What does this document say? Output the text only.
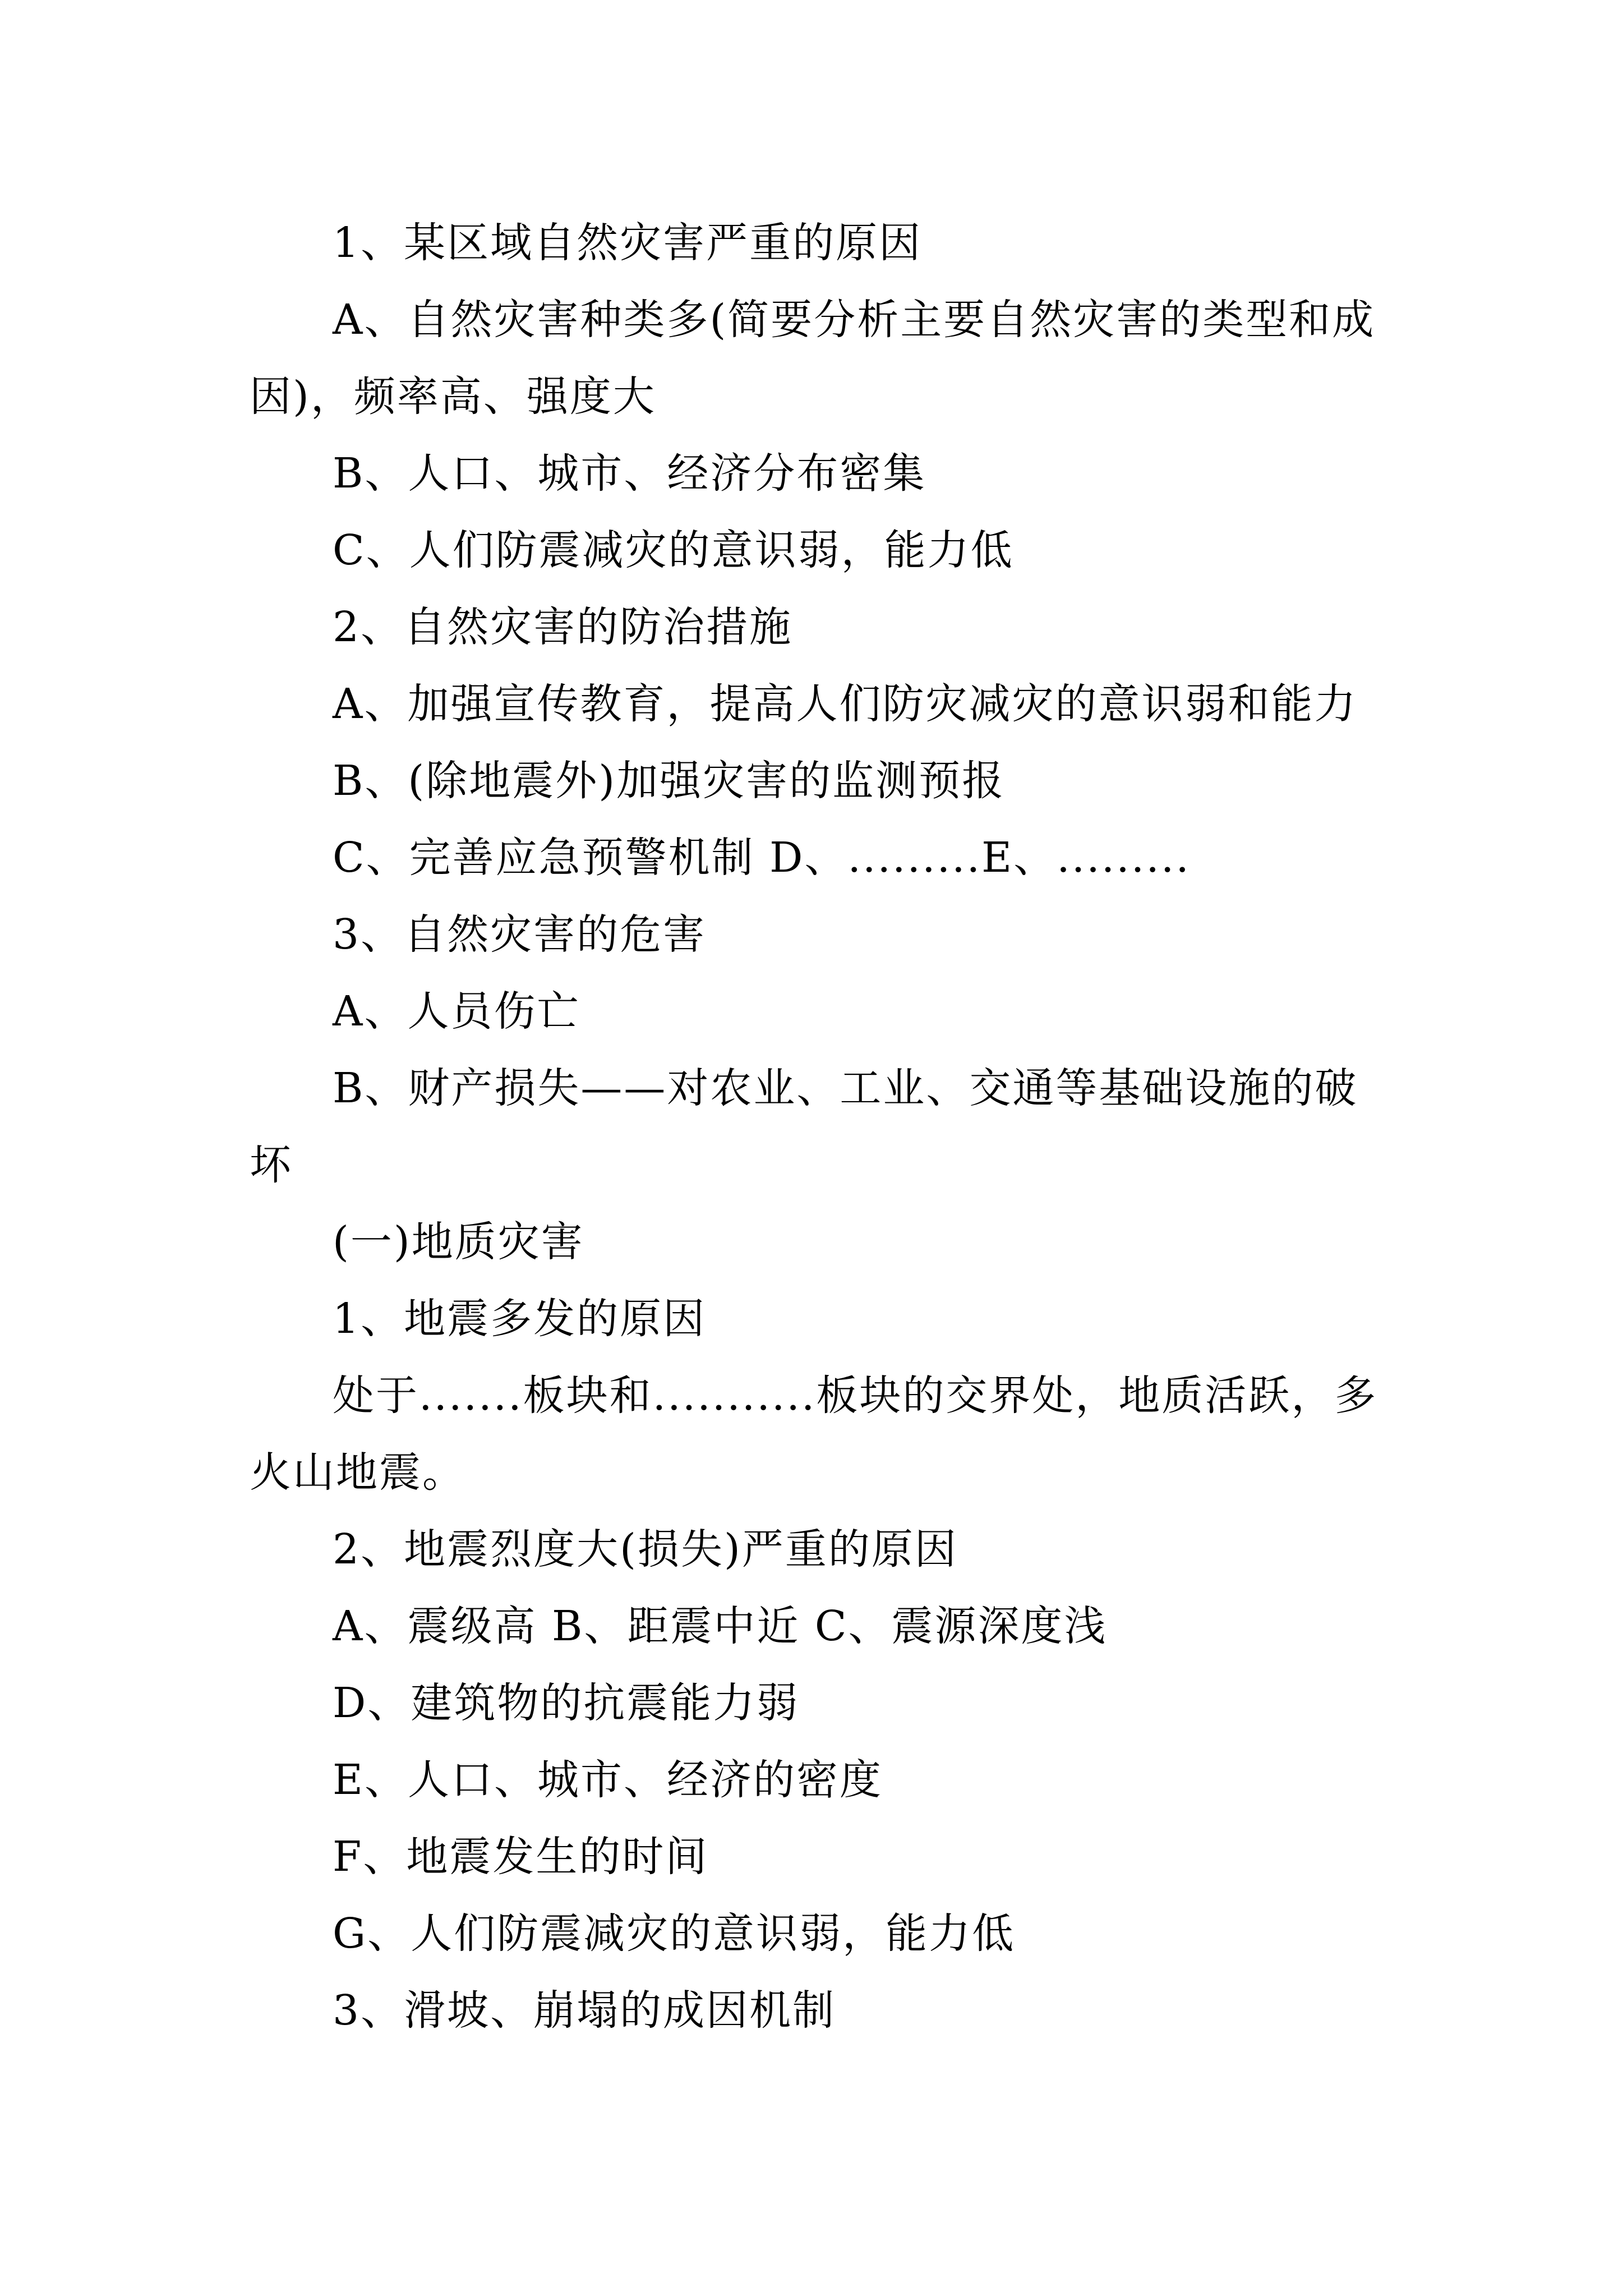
1、某区域自然灾害严重的原因

A、自然灾害种类多(简要分析主要自然灾害的类型和成因)，频率高、强度大

B、人口、城市、经济分布密集

C、人们防震减灾的意识弱，能力低

2、自然灾害的防治措施

A、加强宣传教育，提高人们防灾减灾的意识弱和能力

B、(除地震外)加强灾害的监测预报

C、完善应急预警机制 D、.........E、.........

3、自然灾害的危害

A、人员伤亡

B、财产损失——对农业、工业、交通等基础设施的破坏

(一)地质灾害

1、地震多发的原因

处于.......板块和...........板块的交界处，地质活跃，多火山地震。

2、地震烈度大(损失)严重的原因

A、震级高 B、距震中近 C、震源深度浅

D、建筑物的抗震能力弱

E、人口、城市、经济的密度

F、地震发生的时间

G、人们防震减灾的意识弱，能力低

3、滑坡、崩塌的成因机制
